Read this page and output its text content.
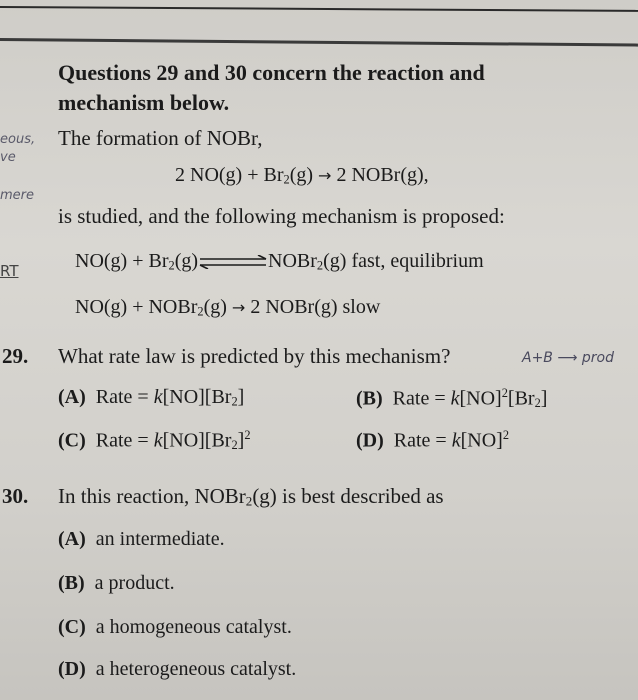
eous,
ve
mere
RT
Questions 29 and 30 concern the reaction and
mechanism below.
The formation of NOBr,
2 $NO(g) + Br_2(g) \to 2$ NOBr(g),
is studied, and the following mechanism is proposed:
$NO(g) + Br_2(g)\rightleftharpoons NOBr_2(g)$ fast, equilibrium
NO(g) + NOBr$_2$(g) → 2 NOBr(g) slow
29. What rate law is predicted by this mechanism?	A+B ⟶ prod
(A) Rate = $k[NO][Br_2]$	(B) Rate = $k[NO]^2[Br_2]$
(C) Rate = $k[NO][Br_2]^2$	(D) Rate = k[NO]$^2$
30. In this reaction, NOBr$_2$(g) is best described as
(A) an intermediate.
(B) a product.
(C) a homogeneous catalyst.
(D) a heterogeneous catalyst.
